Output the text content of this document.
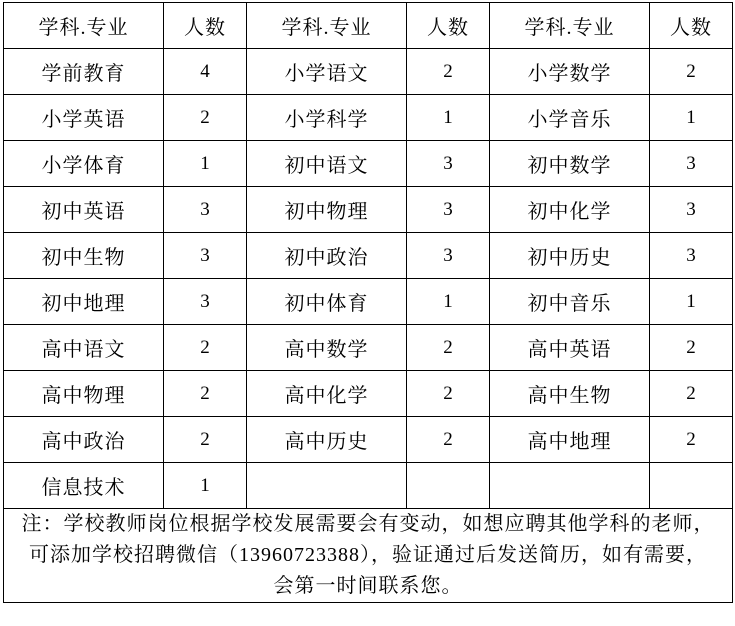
学科.专业	人数	学科.专业	人数	学科.专业	人数
学前教育	4	小学语文	2	小学数学	2
小学英语	2	小学科学	1	小学音乐	1
小学体育	1	初中语文	3	初中数学	3
初中英语	3	初中物理	3	初中化学	3
初中生物	3	初中政治	3	初中历史	3
初中地理	3	初中体育	1	初中音乐	1
高中语文	2	高中数学	2	高中英语	2
高中物理	2	高中化学	2	高中生物	2
高中政治	2	高中历史	2	高中地理	2
信息技术	1				

注：学校教师岗位根据学校发展需要会有变动，如想应聘其他学科的老师，
可添加学校招聘微信（13960723388），验证通过后发送简历，如有需要，
会第一时间联系您。					
